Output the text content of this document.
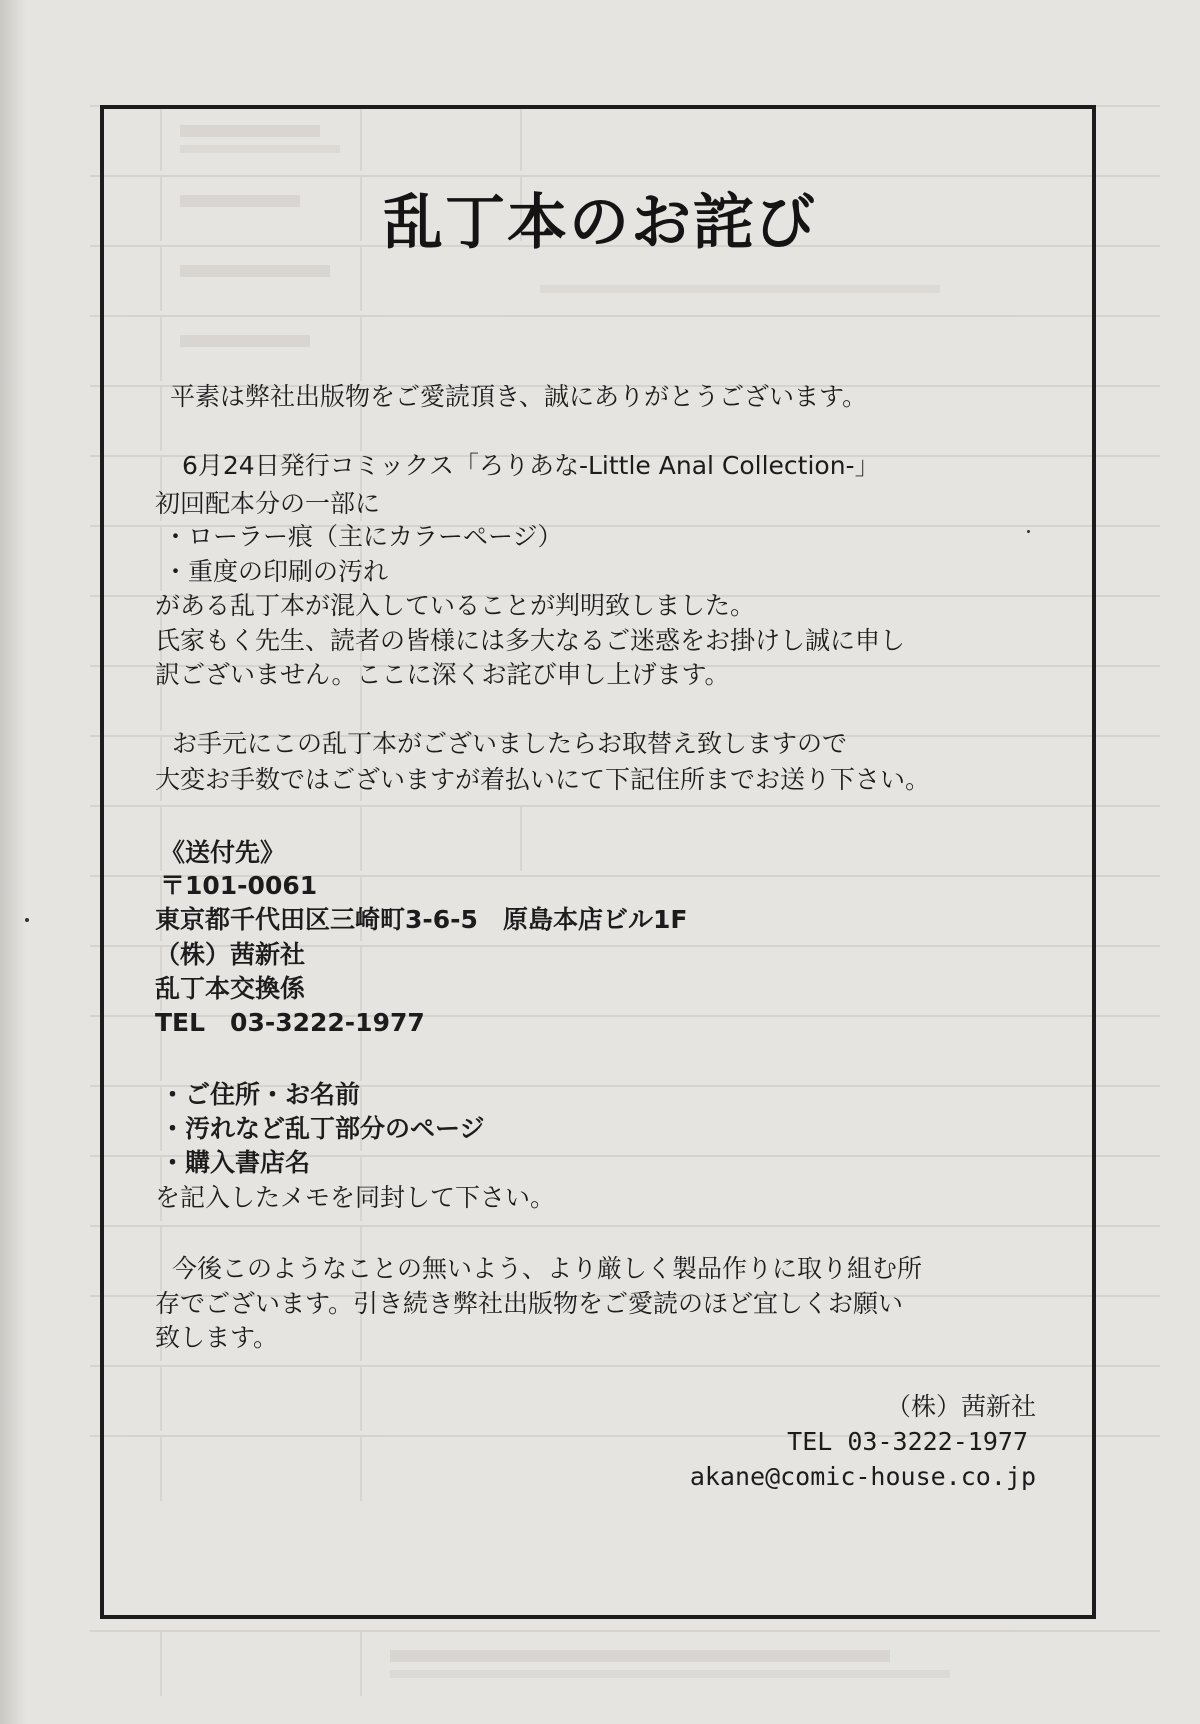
乱丁本のお詫び

平素は弊社出版物をご愛読頂き、誠にありがとうございます。

6月24日発行コミックス「ろりあな-Little Anal Collection-」

初回配本分の一部に

・ローラー痕（主にカラーページ）

・重度の印刷の汚れ

がある乱丁本が混入していることが判明致しました。

氏家もく先生、読者の皆様には多大なるご迷惑をお掛けし誠に申し

訳ございません。ここに深くお詫び申し上げます。

お手元にこの乱丁本がございましたらお取替え致しますので

大変お手数ではございますが着払いにて下記住所までお送り下さい。

《送付先》

〒101-0061

東京都千代田区三崎町3-6-5　原島本店ビル1F

（株）茜新社

乱丁本交換係

TEL　03-3222-1977

・ご住所・お名前

・汚れなど乱丁部分のページ

・購入書店名

を記入したメモを同封して下さい。

今後このようなことの無いよう、より厳しく製品作りに取り組む所

存でございます。引き続き弊社出版物をご愛読のほど宜しくお願い

致します。

（株）茜新社

TEL 03-3222-1977

akane@comic-house.co.jp
